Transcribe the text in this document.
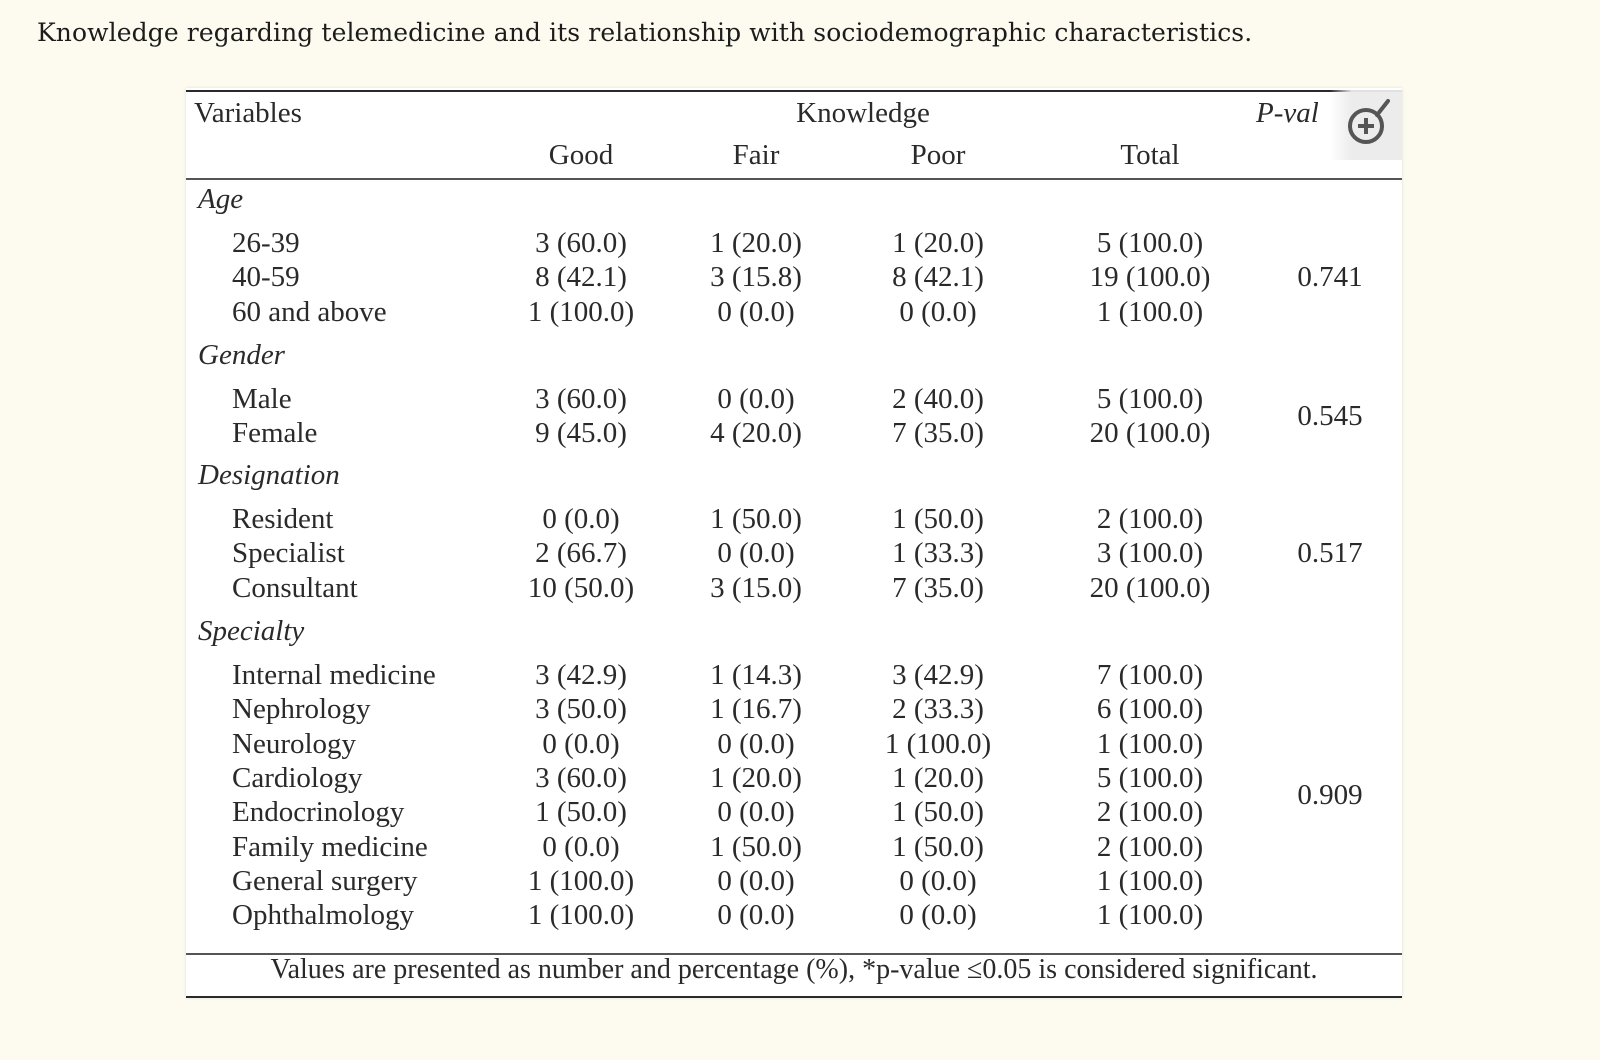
Knowledge regarding telemedicine and its relationship with sociodemographic characteristics.
Variables	Knowledge	P-val
Good	Fair	Poor	Total
Age
26-39	3 (60.0)	1 (20.0)	1 (20.0)	5 (100.0)
40-59	8 (42.1)	3 (15.8)	8 (42.1)	19 (100.0)
60 and above	1 (100.0)	0 (0.0)	0 (0.0)	1 (100.0)
0.741
Gender
Male	3 (60.0)	0 (0.0)	2 (40.0)	5 (100.0)
Female	9 (45.0)	4 (20.0)	7 (35.0)	20 (100.0)
0.545
Designation
Resident	0 (0.0)	1 (50.0)	1 (50.0)	2 (100.0)
Specialist	2 (66.7)	0 (0.0)	1 (33.3)	3 (100.0)
Consultant	10 (50.0)	3 (15.0)	7 (35.0)	20 (100.0)
0.517
Specialty
Internal medicine	3 (42.9)	1 (14.3)	3 (42.9)	7 (100.0)
Nephrology	3 (50.0)	1 (16.7)	2 (33.3)	6 (100.0)
Neurology	0 (0.0)	0 (0.0)	1 (100.0)	1 (100.0)
Cardiology	3 (60.0)	1 (20.0)	1 (20.0)	5 (100.0)
Endocrinology	1 (50.0)	0 (0.0)	1 (50.0)	2 (100.0)
Family medicine	0 (0.0)	1 (50.0)	1 (50.0)	2 (100.0)
General surgery	1 (100.0)	0 (0.0)	0 (0.0)	1 (100.0)
Ophthalmology	1 (100.0)	0 (0.0)	0 (0.0)	1 (100.0)
0.909
Values are presented as number and percentage (%), *p-value ≤0.05 is considered significant.
